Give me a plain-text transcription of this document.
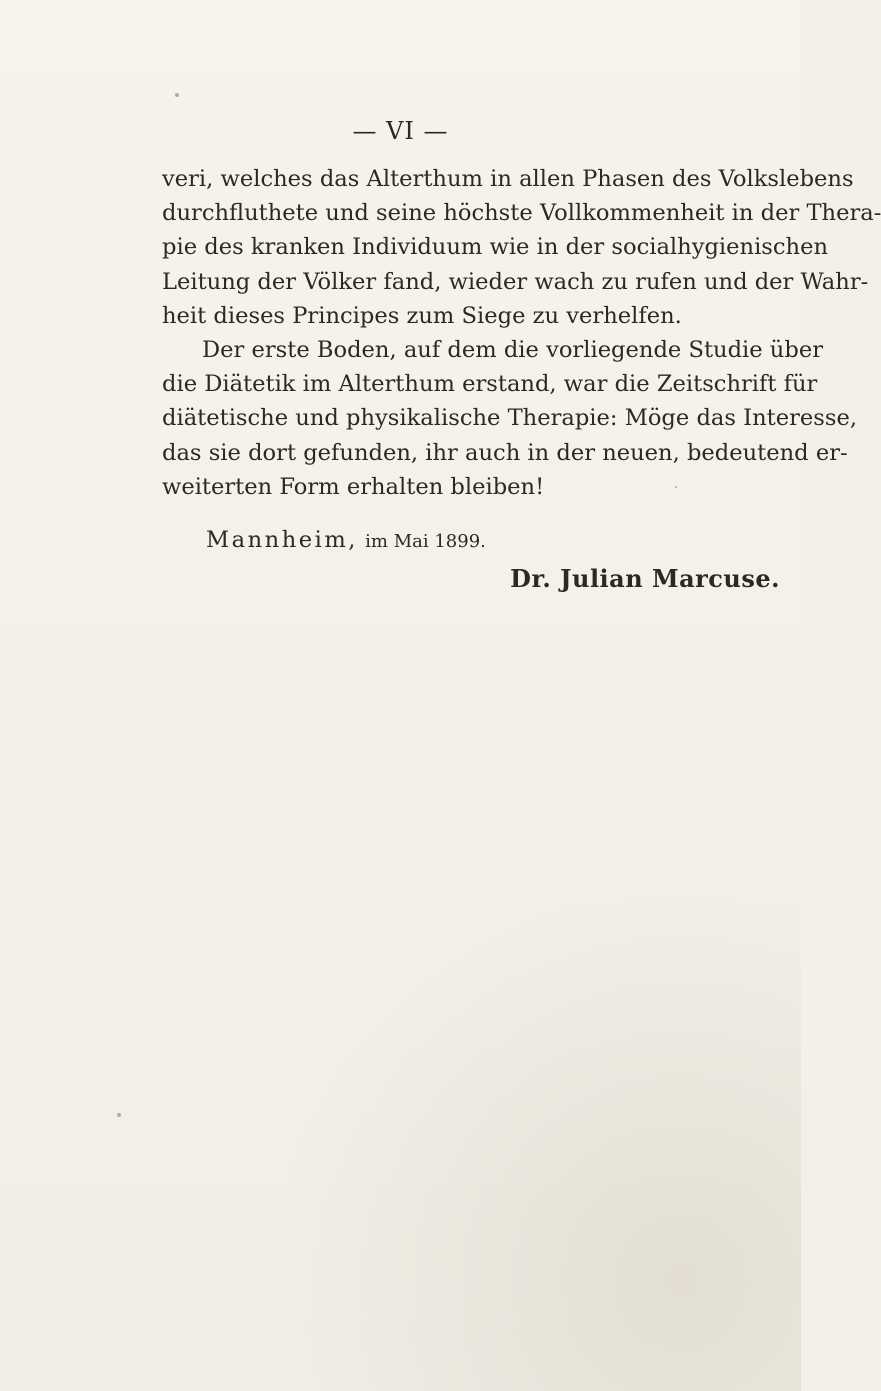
— VI —
veri, welches das Alterthum in allen Phasen des Volkslebens
durchfluthete und seine höchste Vollkommenheit in der Thera-
pie des kranken Individuum wie in der socialhygienischen
Leitung der Völker fand, wieder wach zu rufen und der Wahr-
heit dieses Principes zum Siege zu verhelfen.
Der erste Boden, auf dem die vorliegende Studie über
die Diätetik im Alterthum erstand, war die Zeitschrift für
diätetische und physikalische Therapie: Möge das Interesse,
das sie dort gefunden, ihr auch in der neuen, bedeutend er-
weiterten Form erhalten bleiben!
Mannheim, im Mai 1899.
Dr. Julian Marcuse.
